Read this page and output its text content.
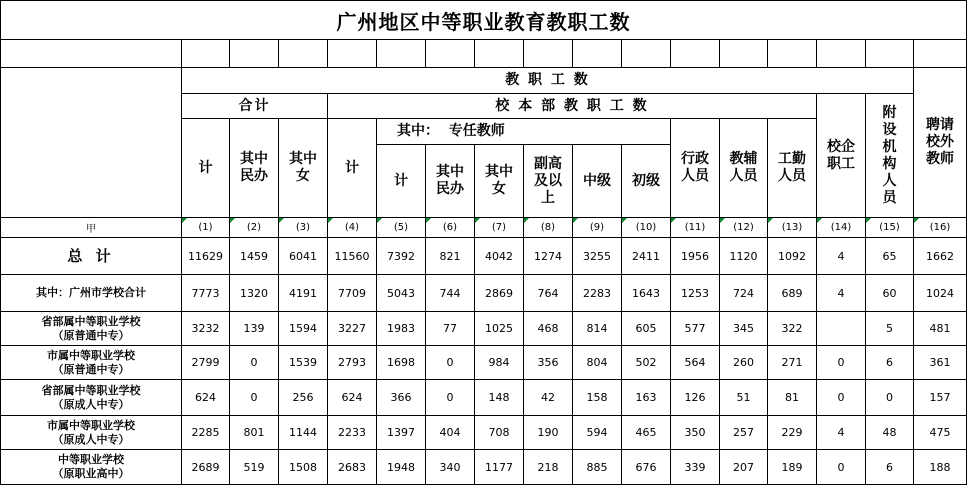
广州地区中等职业教育教职工数																

	教 职 工 数															聘请校外教师
	合计			校 本 部 教 职 工 数										校企职工	附设机构人员	
	计	其中民办	其中女	计	其中：  专任教师						行政人员	教辅人员	工勤人员			
					计	其中民办	其中女	副高及以上	中级	初级						
甲	(1)	(2)	(3)	(4)	(5)	(6)	(7)	(8)	(9)	(10)	(11)	(12)	(13)	(14)	(15)	(16)

总 计	11629	1459	6041	11560	7392	821	4042	1274	3255	2411	1956	1120	1092	4	65	1662

其中：广州市学校合计	7773	1320	4191	7709	5043	744	2869	764	2283	1643	1253	724	689	4	60	1024

省部属中等职业学校
（原普通中专）	3232	139	1594	3227	1983	77	1025	468	814	605	577	345	322		5	481

市属中等职业学校
（原普通中专）	2799	0	1539	2793	1698	0	984	356	804	502	564	260	271	0	6	361

省部属中等职业学校
（原成人中专）	624	0	256	624	366	0	148	42	158	163	126	51	81	0	0	157

市属中等职业学校
（原成人中专）	2285	801	1144	2233	1397	404	708	190	594	465	350	257	229	4	48	475

中等职业学校
（原职业高中）	2689	519	1508	2683	1948	340	1177	218	885	676	339	207	189	0	6	188
